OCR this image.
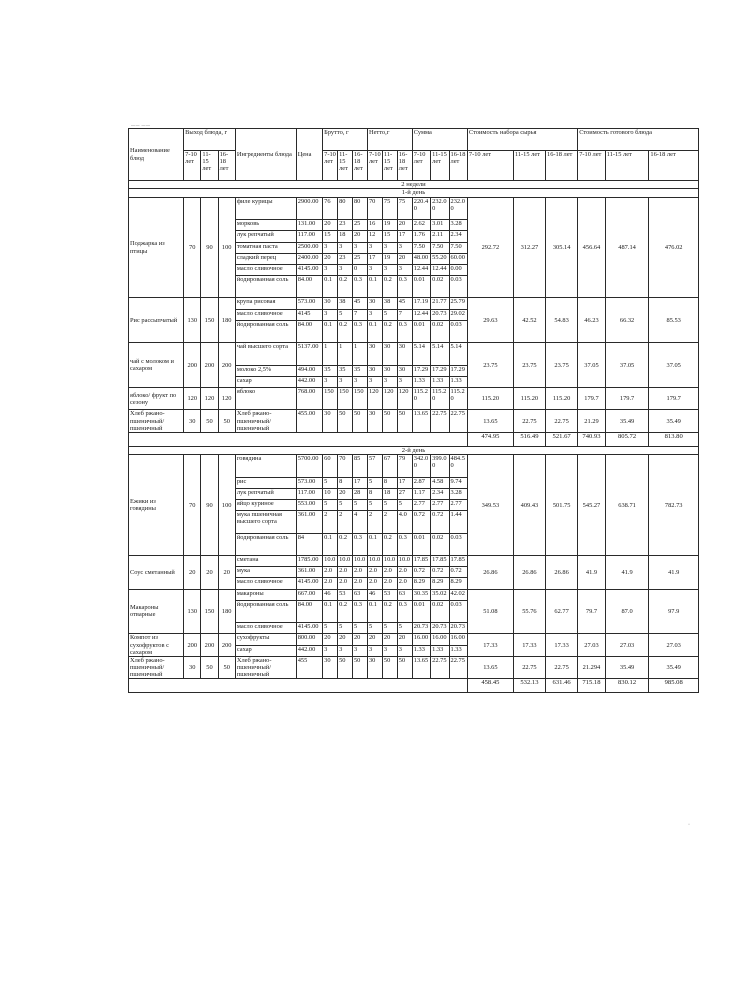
—— ——
Наименование блюд	Выход блюда, г			Ингредиенты блюда	Цена	Брутто, г			Нетто,г			Сумма			Стоимость набора сырья			Стоимость готового блюда		
	7-10 лет	11-15 лет	16-18 лет			7-10 лет	11-15 лет	16-18 лет	7-10 лет	11-15 лет	16-18 лет	7-10 лет	11-15 лет	16-18 лет	7-10 лет	11-15 лет	16-18 лет	7-10 лет	11-15 лет	16-18 лет
2 недели																				
1-й день																				
Поджарка из птицы	70	90	100	филе курицы	2900.00	76	80	80	70	75	75	220.40	232.00	232.00	292.72	312.27	305.14	456.64	487.14	476.02
				морковь	131.00	20	23	25	16	19	20	2.62	3.01	3.28						
				лук репчатый	117.00	15	18	20	12	15	17	1.76	2.11	2.34						
				томатная паста	2500.00	3	3	3	3	3	3	7.50	7.50	7.50						
				сладкий перец	2400.00	20	23	25	17	19	20	48.00	55.20	60.00						
				масло сливочное	4145.00	3	3	0	3	3	3	12.44	12.44	0.00						
				йодированная соль	84.00	0.1	0.2	0.3	0.1	0.2	0.3	0.01	0.02	0.03						
Рис рассыпчатый	130	150	180	крупа рисовая	573.00	30	38	45	30	38	45	17.19	21.77	25.79	29.63	42.52	54.83	46.23	66.32	85.53
				масло сливочное	4145	3	5	7	3	5	7	12.44	20.73	29.02						
				йодированная соль	84.00	0.1	0.2	0.3	0.1	0.2	0.3	0.01	0.02	0.03						
чай с молоком и сахаром	200	200	200	чай высшего сорта	5137.00	1	1	1	30	30	30	5.14	5.14	5.14	23.75	23.75	23.75	37.05	37.05	37.05
				молоко 2,5%	494.00	35	35	35	30	30	30	17.29	17.29	17.29						
				сахар	442.00	3	3	3	3	3	3	1.33	1.33	1.33						
яблоко/ фрукт по сезону	120	120	120	яблоко	768.00	150	150	150	120	120	120	115.20	115.20	115.20	115.20	115.20	115.20	179.7	179.7	179.7
Хлеб ржано-пшеничный/пшеничный	30	50	50	Хлеб ржано-пшеничный/пшеничный	455.00	30	50	50	30	50	50	13.65	22.75	22.75	13.65	22.75	22.75	21.29	35.49	35.49
															474.95	516.49	521.67	740.93	805.72	813.80
2-й день																				
Ежики из говядины	70	90	100	говядина	5700.00	60	70	85	57	67	79	342.00	399.00	484.50	349.53	409.43	501.75	545.27	638.71	782.73
				рис	573.00	5	8	17	5	8	17	2.87	4.58	9.74						
				лук репчатый	117.00	10	20	28	8	18	27	1.17	2.34	3.28						
				яйцо куриное	553.00	5	5	5	5	5	5	2.77	2.77	2.77						
				мука пшеничная высшего сорта	361.00	2	2	4	2	2	4.0	0.72	0.72	1.44						
				йодированная соль	84	0.1	0.2	0.3	0.1	0.2	0.3	0.01	0.02	0.03						
Соус сметанный	20	20	20	сметана	1785.00	10.0	10.0	10.0	10.0	10.0	10.0	17.85	17.85	17.85	26.86	26.86	26.86	41.9	41.9	41.9
				мука	361.00	2.0	2.0	2.0	2.0	2.0	2.0	0.72	0.72	0.72						
				масло сливочное	4145.00	2.0	2.0	2.0	2.0	2.0	2.0	8.29	8.29	8.29						
Макароны отварные	130	150	180	макароны	667.00	46	53	63	46	53	63	30.35	35.02	42.02	51.08	55.76	62.77	79.7	87.0	97.9
				йодированная соль	84.00	0.1	0.2	0.3	0.1	0.2	0.3	0.01	0.02	0.03						
				масло сливочное	4145.00	5	5	5	5	5	5	20.73	20.73	20.73						
Компот из сухофруктов с сахаром	200	200	200	сухофрукты	800.00	20	20	20	20	20	20	16.00	16.00	16.00	17.33	17.33	17.33	27.03	27.03	27.03
				сахар	442.00	3	3	3	3	3	3	1.33	1.33	1.33						
Хлеб ржано-пшеничный/пшеничный	30	50	50	Хлеб ржано-пшеничный/пшеничный	455	30	50	50	30	50	50	13.65	22.75	22.75	13.65	22.75	22.75	21.294	35.49	35.49
															458.45	532.13	631.46	715.18	830.12	985.08
·
